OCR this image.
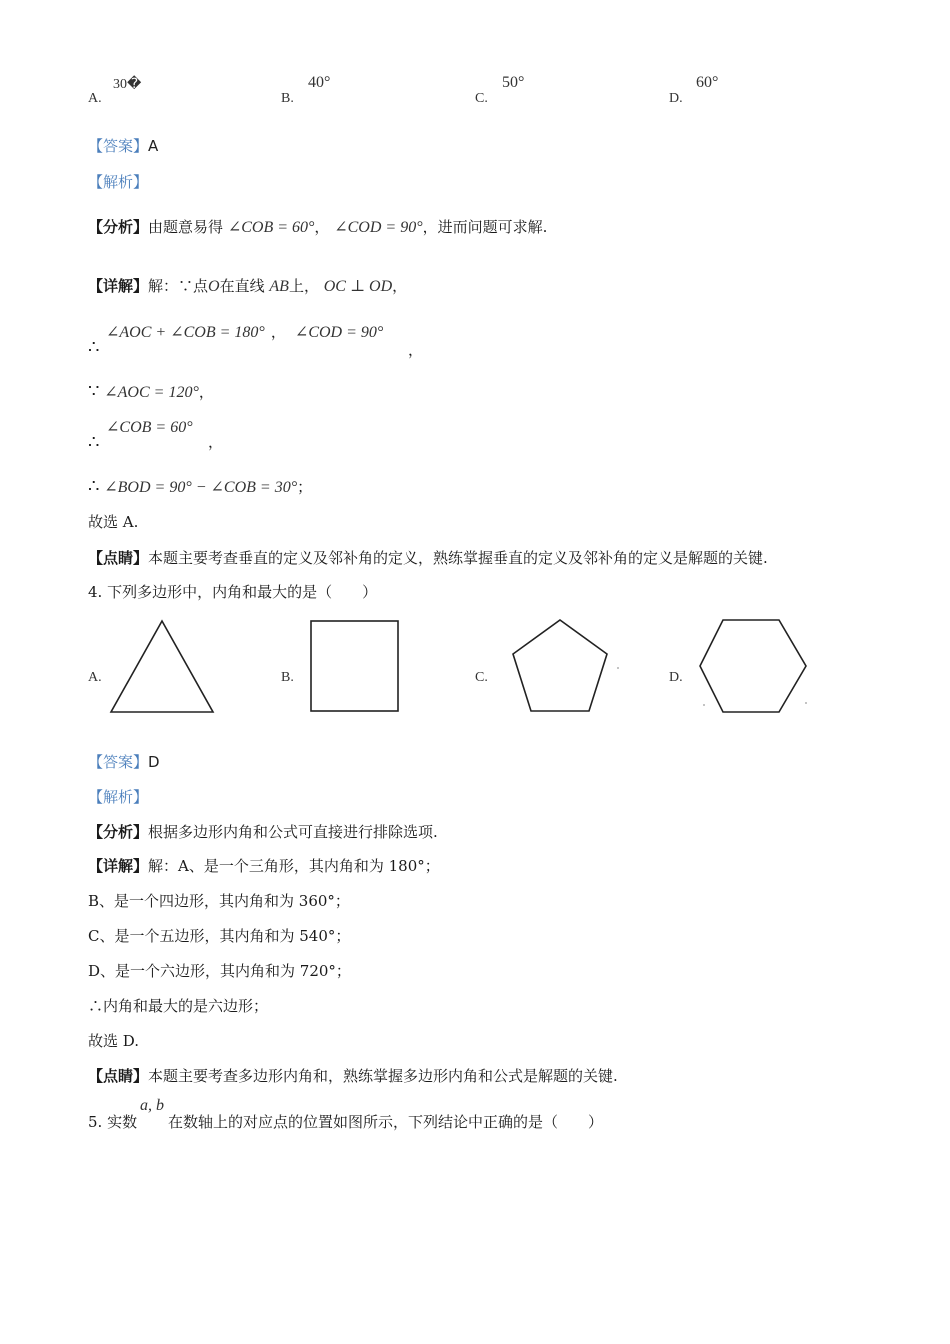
A.
30�
B.
40°
C.
50°
D.
60°
【答案】A
【解析】
【分析】由题意易得 ∠COB = 60°， ∠COD = 90°，进而问题可求解.
【详解】解：∵点O在直线 AB上， OC ⊥ OD，
∴
∠AOC + ∠COB = 180° ， ∠COD = 90°
，
∵ ∠AOC = 120°，
∴
∠COB = 60°
，
∴ ∠BOD = 90° − ∠COB = 30°；
故选 A.
【点睛】本题主要考查垂直的定义及邻补角的定义，熟练掌握垂直的定义及邻补角的定义是解题的关键.
4. 下列多边形中，内角和最大的是（　　）
A.	B.	C.	D.
【答案】D
【解析】
【分析】根据多边形内角和公式可直接进行排除选项.
【详解】解：A、是一个三角形，其内角和为 180°；
B、是一个四边形，其内角和为 360°；
C、是一个五边形，其内角和为 540°；
D、是一个六边形，其内角和为 720°；
∴内角和最大的是六边形；
故选 D.
【点睛】本题主要考查多边形内角和，熟练掌握多边形内角和公式是解题的关键.
5. 实数
a, b
在数轴上的对应点的位置如图所示，下列结论中正确的是（　　）
